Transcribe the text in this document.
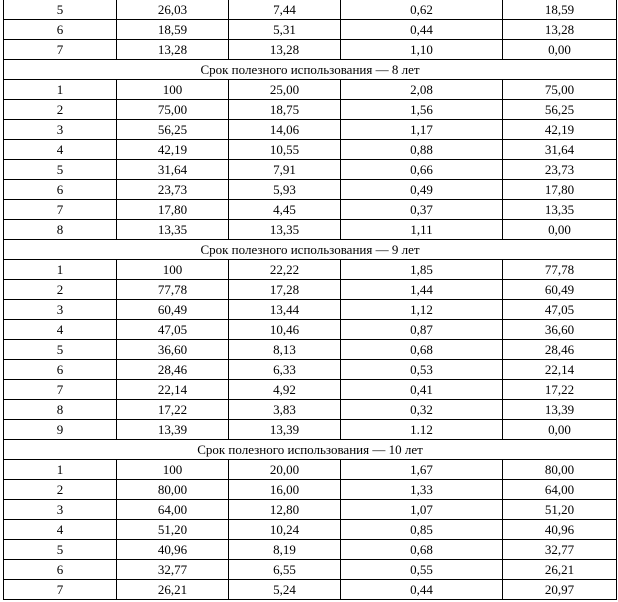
5	26,03	7,44	0,62	18,59
6	18,59	5,31	0,44	13,28
7	13,28	13,28	1,10	0,00
Срок полезного использования — 8 лет				
1	100	25,00	2,08	75,00
2	75,00	18,75	1,56	56,25
3	56,25	14,06	1,17	42,19
4	42,19	10,55	0,88	31,64
5	31,64	7,91	0,66	23,73
6	23,73	5,93	0,49	17,80
7	17,80	4,45	0,37	13,35
8	13,35	13,35	1,11	0,00
Срок полезного использования — 9 лет				
1	100	22,22	1,85	77,78
2	77,78	17,28	1,44	60,49
3	60,49	13,44	1,12	47,05
4	47,05	10,46	0,87	36,60
5	36,60	8,13	0,68	28,46
6	28,46	6,33	0,53	22,14
7	22,14	4,92	0,41	17,22
8	17,22	3,83	0,32	13,39
9	13,39	13,39	1.12	0,00
Срок полезного использования — 10 лет				
1	100	20,00	1,67	80,00
2	80,00	16,00	1,33	64,00
3	64,00	12,80	1,07	51,20
4	51,20	10,24	0,85	40,96
5	40,96	8,19	0,68	32,77
6	32,77	6,55	0,55	26,21
7	26,21	5,24	0,44	20,97
